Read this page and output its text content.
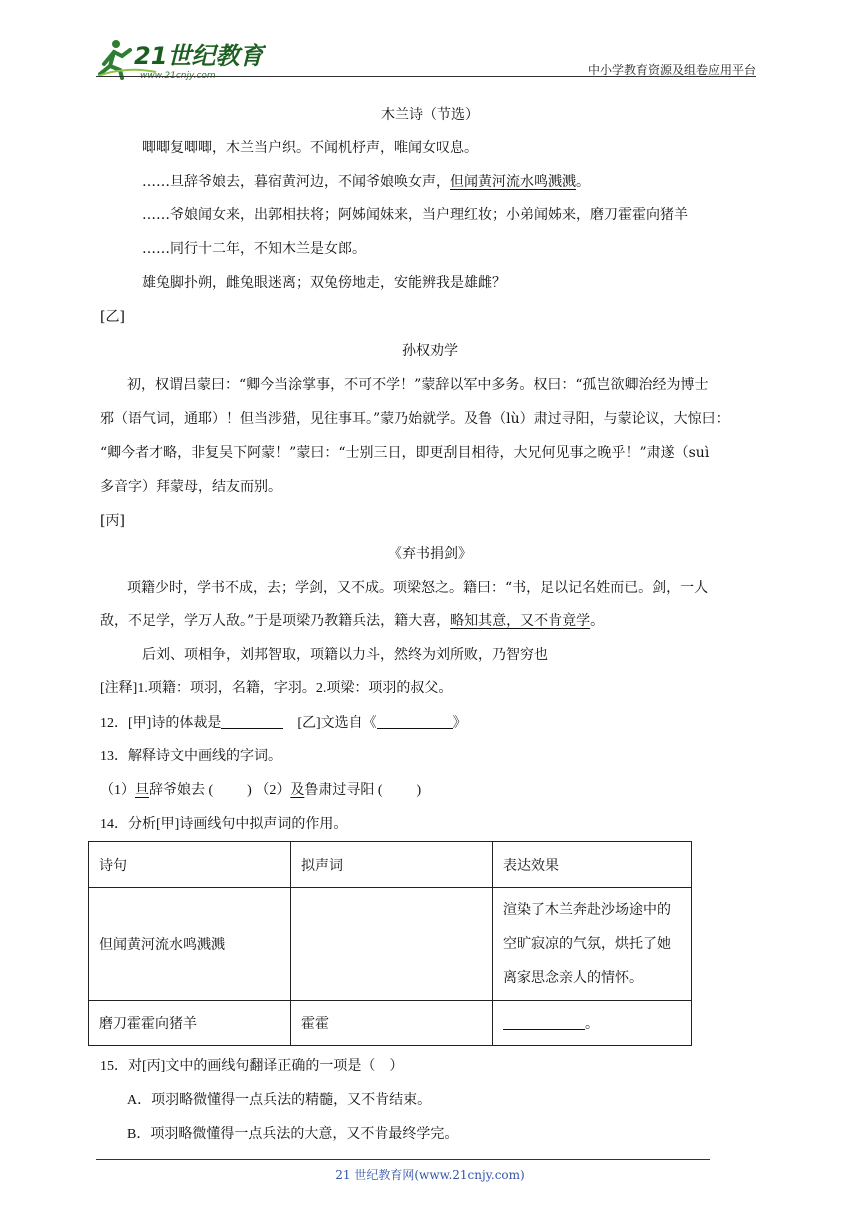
21世纪教育
www.21cnjy.com	中小学教育资源及组卷应用平台
木兰诗（节选）
唧唧复唧唧，木兰当户织。不闻机杼声，唯闻女叹息。
……旦辞爷娘去，暮宿黄河边，不闻爷娘唤女声，但闻黄河流水鸣溅溅。
……爷娘闻女来，出郭相扶将；阿姊闻妹来，当户理红妆；小弟闻姊来，磨刀霍霍向猪羊
……同行十二年，不知木兰是女郎。
雄兔脚扑朔，雌兔眼迷离；双兔傍地走，安能辨我是雄雌？
[乙]
孙权劝学
初，权谓吕蒙曰：“卿今当涂掌事，不可不学！”蒙辞以军中多务。权曰：“孤岂欲卿治经为博士
邪（语气词，通耶）！但当涉猎，见往事耳。”蒙乃始就学。及鲁（lù）肃过寻阳，与蒙论议，大惊曰：
“卿今者才略，非复吴下阿蒙！”蒙曰：“士别三日，即更刮目相待，大兄何见事之晚乎！”肃遂（suì
多音字）拜蒙母，结友而别。
[丙]
《弃书捐剑》
项籍少时，学书不成，去；学剑，又不成。项梁怒之。籍曰：“书，足以记名姓而已。剑，一人
敌，不足学，学万人敌。”于是项梁乃教籍兵法，籍大喜，略知其意，又不肯竟学。
后刘、项相争，刘邦智取，项籍以力斗，然终为刘所败，乃智穷也
[注释]1.项籍：项羽，名籍，字羽。2.项梁：项羽的叔父。
12．[甲]诗的体裁是	[乙]文选自《	》
13．解释诗文中画线的字词。
（1）旦辞爷娘去 ( ) （2）及鲁肃过寻阳 ( )
14．分析[甲]诗画线句中拟声词的作用。
诗句	拟声词	表达效果
但闻黄河流水鸣溅溅		渲染了木兰奔赴沙场途中的空旷寂凉的气氛，烘托了她离家思念亲人的情怀。
磨刀霍霍向猪羊	霍霍	。
15．对[丙]文中的画线句翻译正确的一项是（　）
A．项羽略微懂得一点兵法的精髓，又不肯结束。
B．项羽略微懂得一点兵法的大意，又不肯最终学完。
21 世纪教育网(www.21cnjy.com)
